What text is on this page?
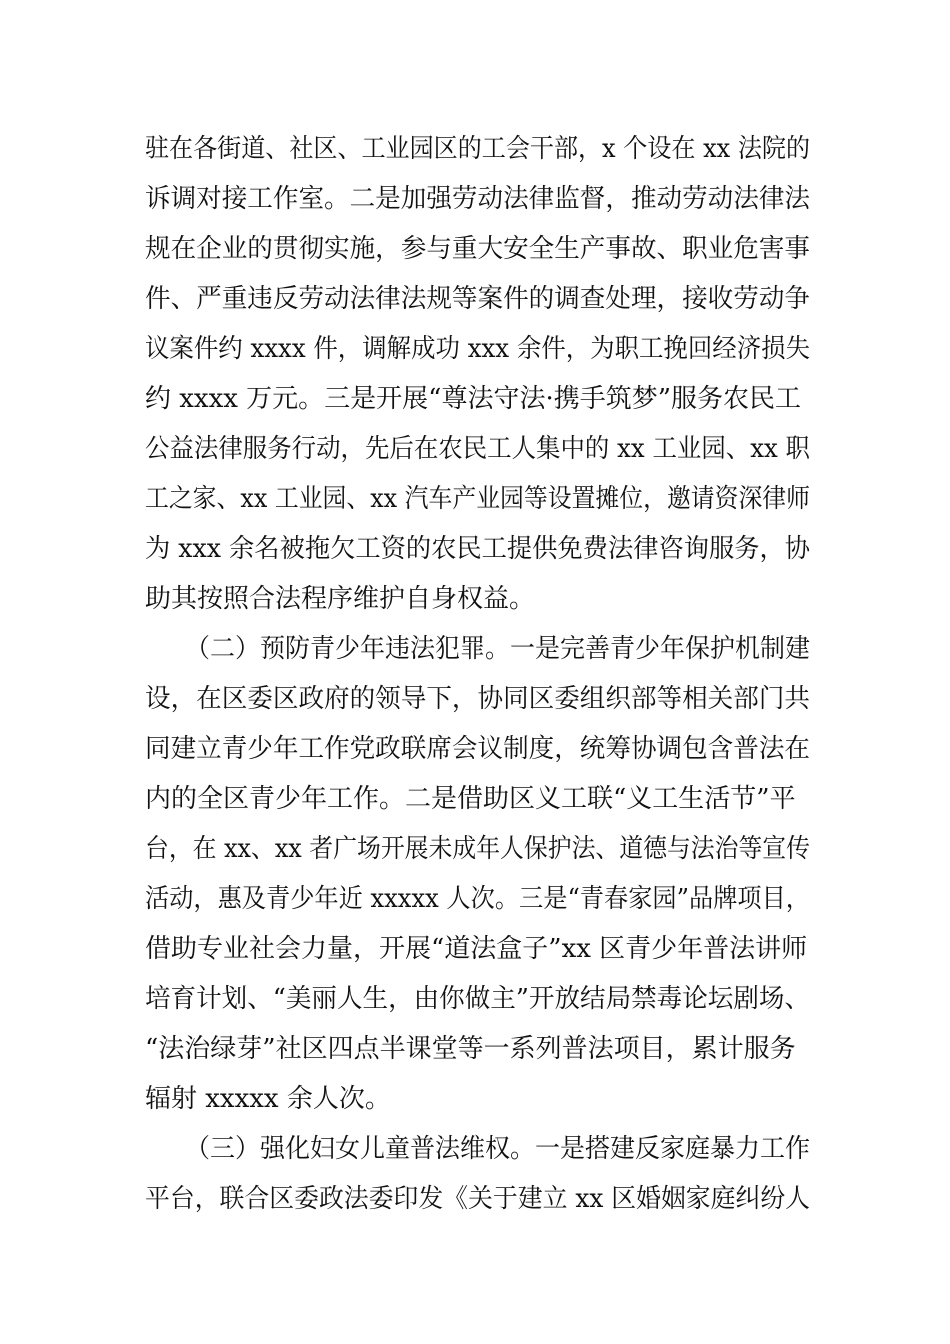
驻在各街道、社区、工业园区的工会干部，x 个设在 xx 法院的
诉调对接工作室。二是加强劳动法律监督，推动劳动法律法
规在企业的贯彻实施，参与重大安全生产事故、职业危害事
件、严重违反劳动法律法规等案件的调查处理，接收劳动争
议案件约 xxxx 件，调解成功 xxx 余件，为职工挽回经济损失
约 xxxx 万元。三是开展“尊法守法·携手筑梦”服务农民工
公益法律服务行动，先后在农民工人集中的 xx 工业园、xx 职
工之家、xx 工业园、xx 汽车产业园等设置摊位，邀请资深律师
为 xxx 余名被拖欠工资的农民工提供免费法律咨询服务，协
助其按照合法程序维护自身权益。
（二）预防青少年违法犯罪。一是完善青少年保护机制建
设，在区委区政府的领导下，协同区委组织部等相关部门共
同建立青少年工作党政联席会议制度，统筹协调包含普法在
内的全区青少年工作。二是借助区义工联“义工生活节”平
台，在 xx、xx 者广场开展未成年人保护法、道德与法治等宣传
活动，惠及青少年近 xxxxx 人次。三是“青春家园”品牌项目，
借助专业社会力量，开展“道法盒子”xx 区青少年普法讲师
培育计划、“美丽人生，由你做主”开放结局禁毒论坛剧场、
“法治绿芽”社区四点半课堂等一系列普法项目，累计服务
辐射 xxxxx 余人次。
（三）强化妇女儿童普法维权。一是搭建反家庭暴力工作
平台，联合区委政法委印发《关于建立 xx 区婚姻家庭纠纷人
